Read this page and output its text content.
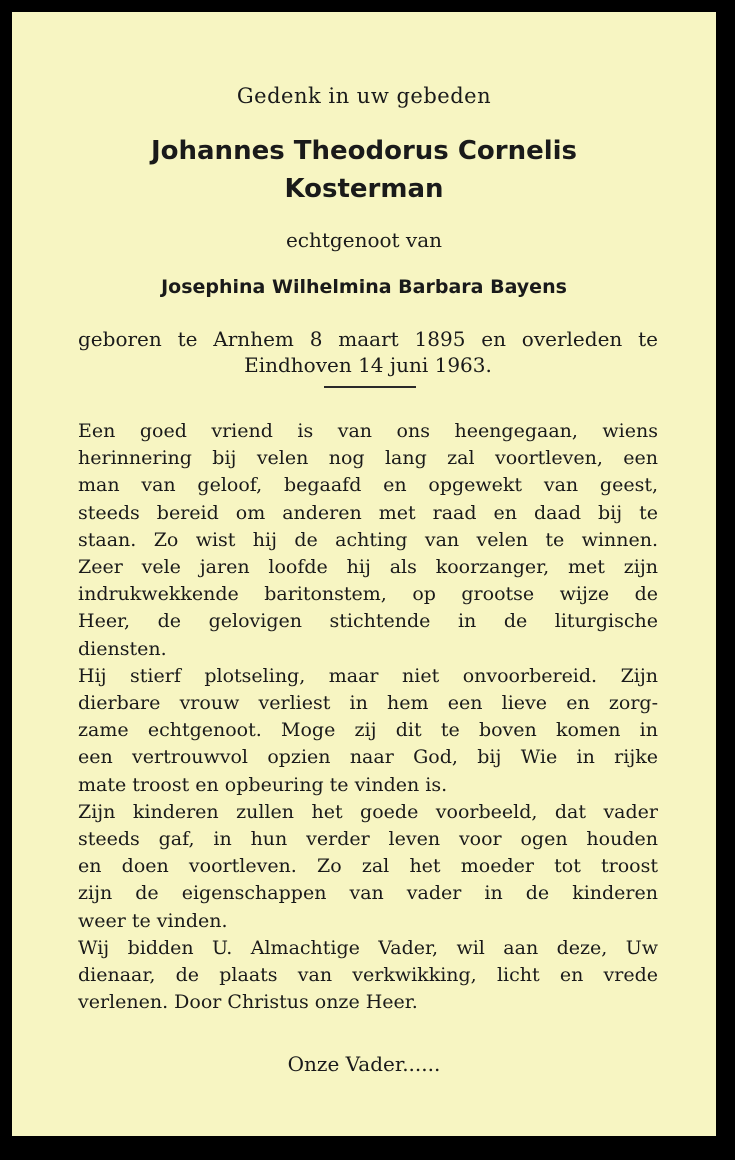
Gedenk in uw gebeden
Johannes Theodorus Cornelis
Kosterman
echtgenoot van
Josephina Wilhelmina Barbara Bayens
geboren te Arnhem 8 maart 1895 en overleden te
Eindhoven 14 juni 1963.
Een goed vriend is van ons heengegaan, wiens
herinnering bij velen nog lang zal voortleven, een
man van geloof, begaafd en opgewekt van geest,
steeds bereid om anderen met raad en daad bij te
staan. Zo wist hij de achting van velen te winnen.
Zeer vele jaren loofde hij als koorzanger, met zijn
indrukwekkende baritonstem, op grootse wijze de
Heer, de gelovigen stichtende in de liturgische
diensten.
Hij stierf plotseling, maar niet onvoorbereid. Zijn
dierbare vrouw verliest in hem een lieve en zorg-
zame echtgenoot. Moge zij dit te boven komen in
een vertrouwvol opzien naar God, bij Wie in rijke
mate troost en opbeuring te vinden is.
Zijn kinderen zullen het goede voorbeeld, dat vader
steeds gaf, in hun verder leven voor ogen houden
en doen voortleven. Zo zal het moeder tot troost
zijn de eigenschappen van vader in de kinderen
weer te vinden.
Wij bidden U. Almachtige Vader, wil aan deze, Uw
dienaar, de plaats van verkwikking, licht en vrede
verlenen. Door Christus onze Heer.
Onze Vader......
